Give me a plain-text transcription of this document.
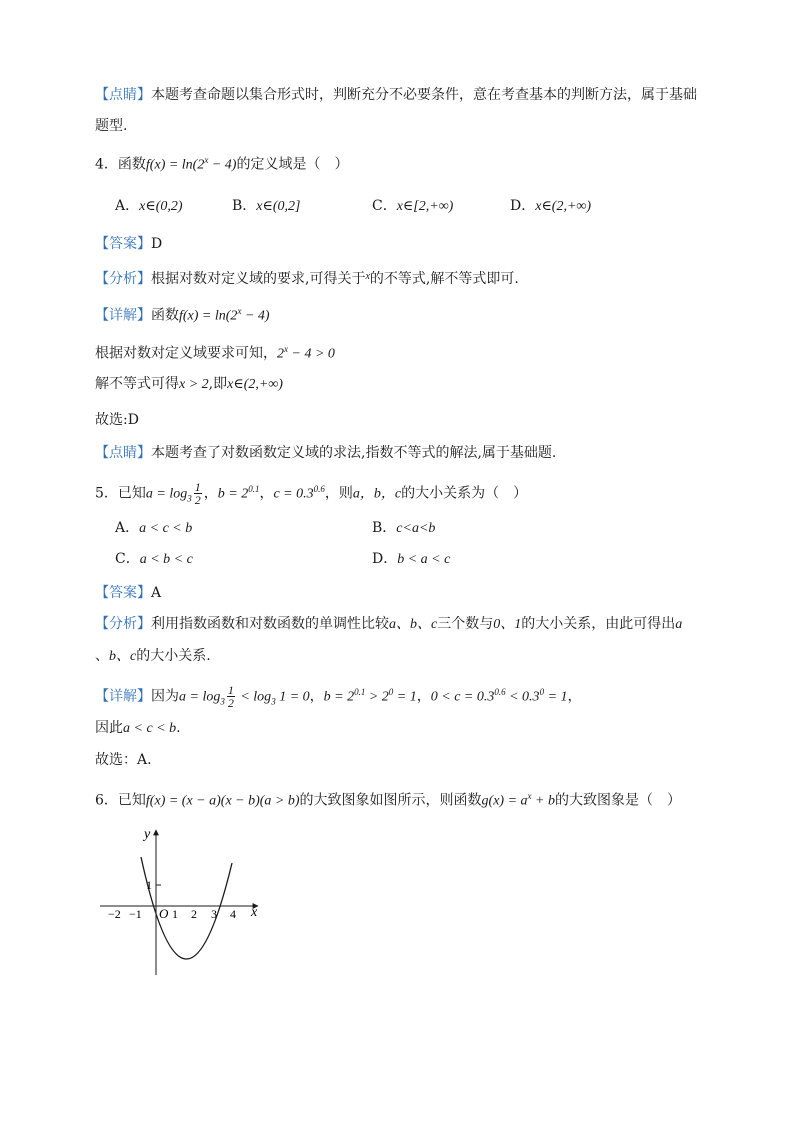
【点睛】本题考查命题以集合形式时，判断充分不必要条件，意在考查基本的判断方法，属于基础
题型.
4．函数$f(x) = \ln(2^x - 4)$的定义域是（　）
A．x∈(0,2)	B．x∈(0,2]	C．x∈[2,+∞)	D．x∈(2,+∞)
【答案】D
【分析】根据对数对定义域的要求,可得关于$^x$的不等式,解不等式即可.
【详解】函数$f(x) = \ln(2^x - 4)$
根据对数对定义域要求可知，$2^x - 4 > 0$
解不等式可得x > 2,即x∈(2,+∞)
故选:D
【点睛】本题考查了对数函数定义域的求法,指数不等式的解法,属于基础题.
5．已知$a = \log_3 \frac{1}{2}$ ，$b = 2^{0.1}$，$c = 0.3^{0.6}$，则a，b，c的大小关系为（　）
A．a < c < b	B．c<a<b
C．a < b < c	D．b < a < c
【答案】A
【分析】利用指数函数和对数函数的单调性比较a、b、c三个数与0、1的大小关系，由此可得出a
、b、c的大小关系.
【详解】因为$a = \log_3 \frac{1}{2} < \log_3 1 = 0$，$b = 2^{0.1} > 2^0 = 1$，$0 < c = 0.3^{0.6} < 0.3^0 = 1$，
因此a < c < b.
故选：A.
6．已知f(x) = (x − a)(x − b)(a > b)的大致图象如图所示，则函数$g(x) = a^x + b$的大致图象是（　）
y
x
O
1
−2 −1	1 2 3 4
